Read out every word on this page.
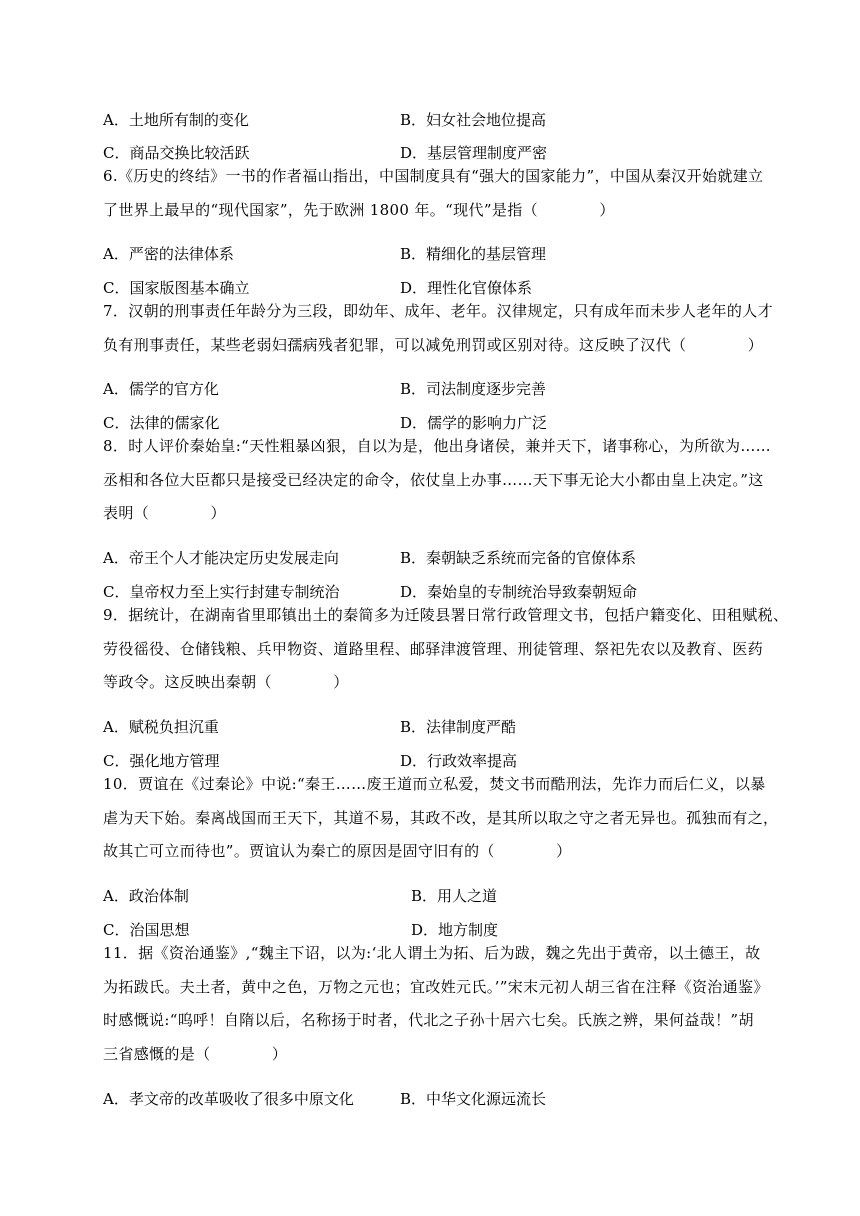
A．土地所有制的变化	B．妇女社会地位提高
C．商品交换比较活跃	D．基层管理制度严密
6.《历史的终结》一书的作者福山指出，中国制度具有“强大的国家能力”，中国从秦汉开始就建立
了世界上最早的“现代国家”，先于欧洲 1800 年。“现代”是指（　　　　）
A．严密的法律体系	B．精细化的基层管理
C．国家版图基本确立	D．理性化官僚体系
7．汉朝的刑事责任年龄分为三段，即幼年、成年、老年。汉律规定，只有成年而未步人老年的人才
负有刑事责任，某些老弱妇孺病残者犯罪，可以减免刑罚或区别对待。这反映了汉代（　　　　）
A．儒学的官方化	B．司法制度逐步完善
C．法律的儒家化	D．儒学的影响力广泛
8．时人评价秦始皇:“天性粗暴凶狠，自以为是，他出身诸侯，兼并天下，诸事称心，为所欲为……
丞相和各位大臣都只是接受已经决定的命令，依仗皇上办事……天下事无论大小都由皇上决定。”这
表明（　　　　）
A．帝王个人才能决定历史发展走向	B．秦朝缺乏系统而完备的官僚体系
C．皇帝权力至上实行封建专制统治	D．秦始皇的专制统治导致秦朝短命
9．据统计，在湖南省里耶镇出土的秦简多为迁陵县署日常行政管理文书，包括户籍变化、田租赋税、
劳役徭役、仓储钱粮、兵甲物资、道路里程、邮驿津渡管理、刑徒管理、祭祀先农以及教育、医药
等政令。这反映出秦朝（　　　　）
A．赋税负担沉重	B．法律制度严酷
C．强化地方管理	D．行政效率提高
10．贾谊在《过秦论》中说:“秦王……废王道而立私爱，焚文书而酷刑法，先诈力而后仁义，以暴
虐为天下始。秦离战国而王天下，其道不易，其政不改，是其所以取之守之者无异也。孤独而有之，
故其亡可立而待也”。贾谊认为秦亡的原因是固守旧有的（　　　　）
A．政治体制	B．用人之道
C．治国思想	D．地方制度
11．据《资治通鉴》,“魏主下诏，以为:‘北人谓土为拓、后为跋，魏之先出于黄帝，以土德王，故
为拓跋氏。夫土者，黄中之色，万物之元也；宜改姓元氏。’”宋末元初人胡三省在注释《资治通鉴》
时感慨说:“呜呼！自隋以后，名称扬于时者，代北之子孙十居六七矣。氏族之辨，果何益哉！”胡
三省感慨的是（　　　　）
A．孝文帝的改革吸收了很多中原文化	B．中华文化源远流长
